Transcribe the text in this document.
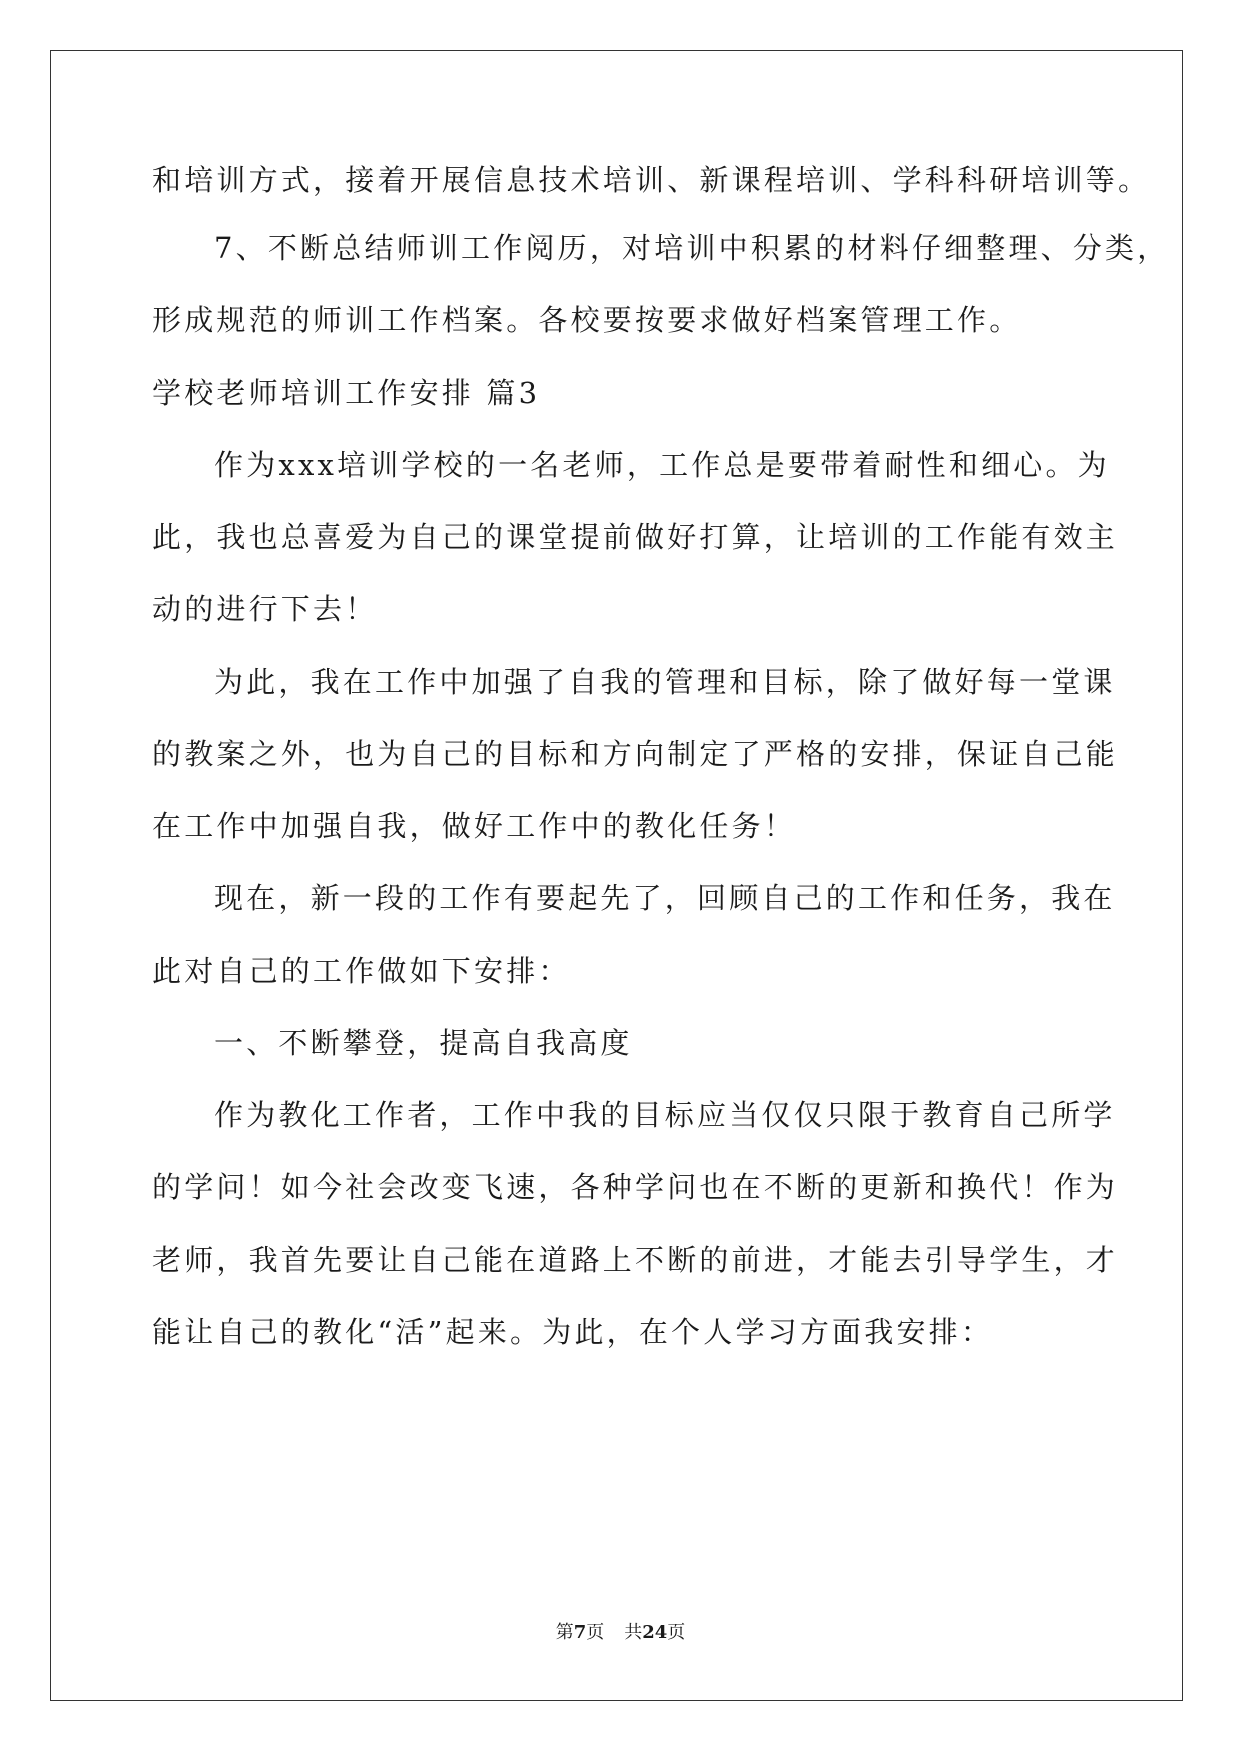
和培训方式，接着开展信息技术培训、新课程培训、学科科研培训等。
7、不断总结师训工作阅历，对培训中积累的材料仔细整理、分类，
形成规范的师训工作档案。各校要按要求做好档案管理工作。
学校老师培训工作安排 篇3
作为xxx培训学校的一名老师，工作总是要带着耐性和细心。为
此，我也总喜爱为自己的课堂提前做好打算，让培训的工作能有效主
动的进行下去！
为此，我在工作中加强了自我的管理和目标，除了做好每一堂课
的教案之外，也为自己的目标和方向制定了严格的安排，保证自己能
在工作中加强自我，做好工作中的教化任务！
现在，新一段的工作有要起先了，回顾自己的工作和任务，我在
此对自己的工作做如下安排：
一、不断攀登，提高自我高度
作为教化工作者，工作中我的目标应当仅仅只限于教育自己所学
的学问！如今社会改变飞速，各种学问也在不断的更新和换代！作为
老师，我首先要让自己能在道路上不断的前进，才能去引导学生，才
能让自己的教化“活”起来。为此，在个人学习方面我安排：
第7页 共24页
